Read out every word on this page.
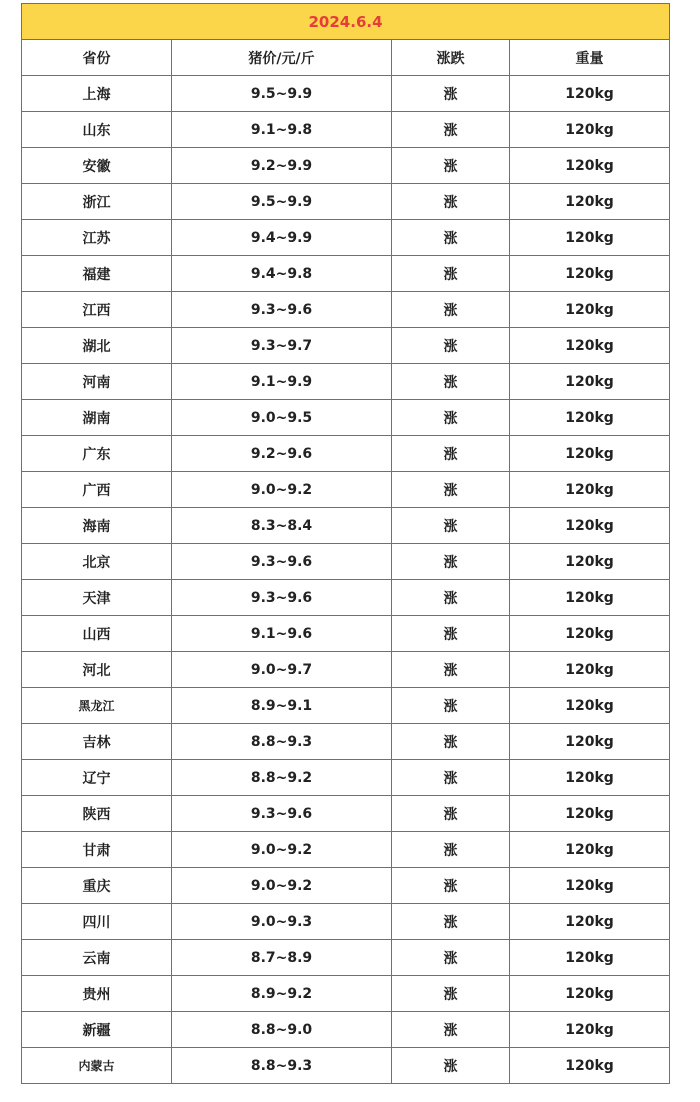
2024.6.4			
省份	猪价/元/斤	涨跌	重量
上海	9.5~9.9	涨	120kg
山东	9.1~9.8	涨	120kg
安徽	9.2~9.9	涨	120kg
浙江	9.5~9.9	涨	120kg
江苏	9.4~9.9	涨	120kg
福建	9.4~9.8	涨	120kg
江西	9.3~9.6	涨	120kg
湖北	9.3~9.7	涨	120kg
河南	9.1~9.9	涨	120kg
湖南	9.0~9.5	涨	120kg
广东	9.2~9.6	涨	120kg
广西	9.0~9.2	涨	120kg
海南	8.3~8.4	涨	120kg
北京	9.3~9.6	涨	120kg
天津	9.3~9.6	涨	120kg
山西	9.1~9.6	涨	120kg
河北	9.0~9.7	涨	120kg
黑龙江	8.9~9.1	涨	120kg
吉林	8.8~9.3	涨	120kg
辽宁	8.8~9.2	涨	120kg
陕西	9.3~9.6	涨	120kg
甘肃	9.0~9.2	涨	120kg
重庆	9.0~9.2	涨	120kg
四川	9.0~9.3	涨	120kg
云南	8.7~8.9	涨	120kg
贵州	8.9~9.2	涨	120kg
新疆	8.8~9.0	涨	120kg
内蒙古	8.8~9.3	涨	120kg
